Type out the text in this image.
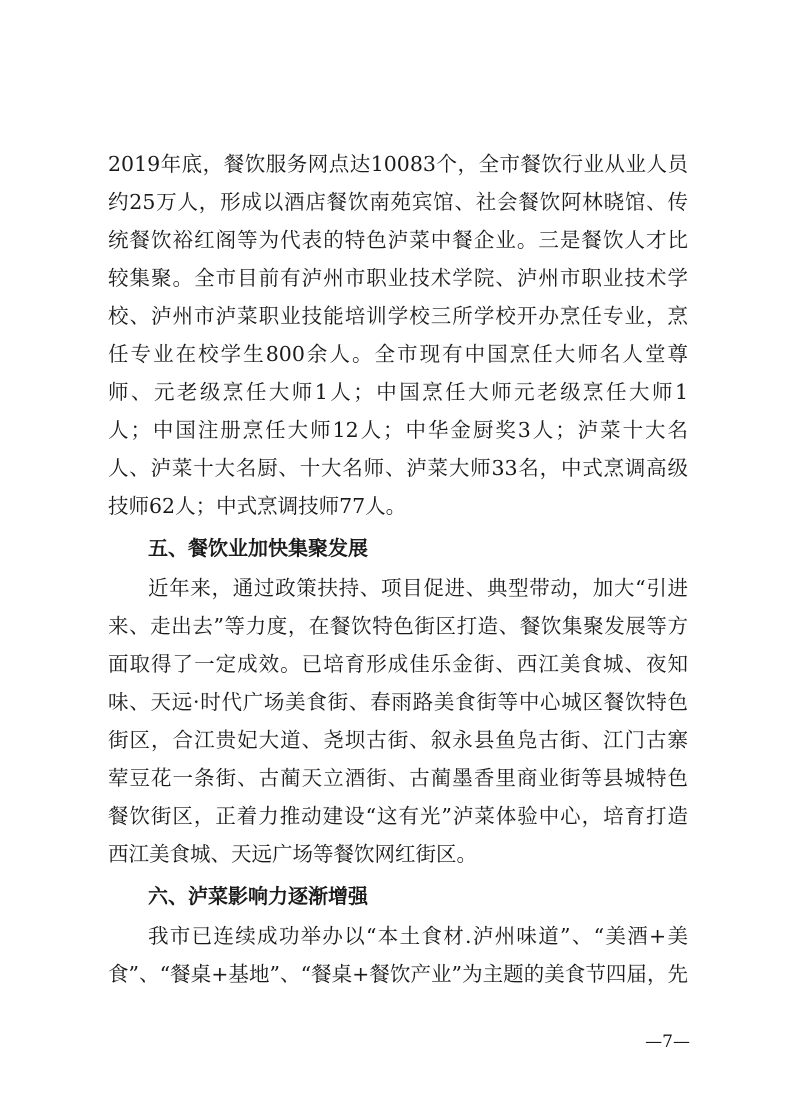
2019年底，餐饮服务网点达10083个，全市餐饮行业从业人员
约25万人，形成以酒店餐饮南苑宾馆、社会餐饮阿林晓馆、传
统餐饮裕红阁等为代表的特色泸菜中餐企业。三是餐饮人才比
较集聚。全市目前有泸州市职业技术学院、泸州市职业技术学
校、泸州市泸菜职业技能培训学校三所学校开办烹任专业，烹
任专业在校学生800余人。全市现有中国烹任大师名人堂尊
师、元老级烹任大师1人；中国烹任大师元老级烹任大师1
人；中国注册烹任大师12人；中华金厨奖3人；泸菜十大名
人、泸菜十大名厨、十大名师、泸菜大师33名，中式烹调高级
技师62人；中式烹调技师77人。
五、餐饮业加快集聚发展
近年来，通过政策扶持、项目促进、典型带动，加大“引进
来、走出去”等力度，在餐饮特色街区打造、餐饮集聚发展等方
面取得了一定成效。已培育形成佳乐金街、西江美食城、夜知
味、天远·时代广场美食街、春雨路美食街等中心城区餐饮特色
街区，合江贵妃大道、尧坝古街、叙永县鱼凫古街、江门古寨
荤豆花一条街、古蔺天立酒街、古蔺墨香里商业街等县城特色
餐饮街区，正着力推动建设“这有光”泸菜体验中心，培育打造
西江美食城、天远广场等餐饮网红街区。
六、泸菜影响力逐渐增强
我市已连续成功举办以“本土食材.泸州味道”、“美酒+美
食”、“餐桌+基地”、“餐桌+餐饮产业”为主题的美食节四届，先
—7—
